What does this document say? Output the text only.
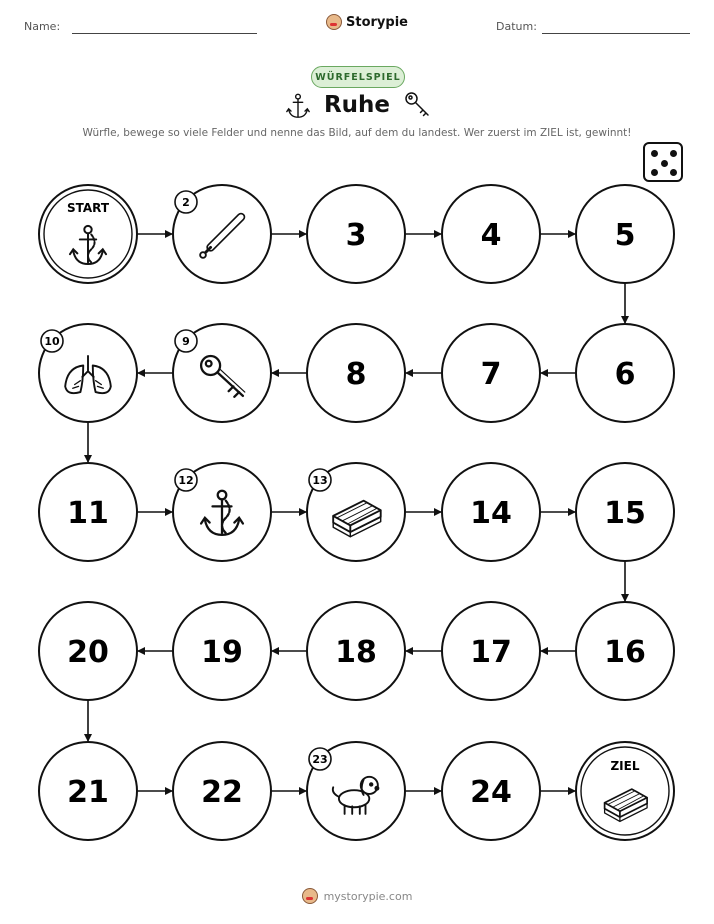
Name:	Storypie	Datum:
WÜRFELSPIEL
Ruhe
Würfle, bewege so viele Felder und nenne das Bild, auf dem du landest. Wer zuerst im ZIEL ist, gewinnt!
START	2
3	4	5
6
7
8
9
10
11
12	13
14	15
16
17
18
19
20
21	22
23
24
ZIEL
mystorypie.com
